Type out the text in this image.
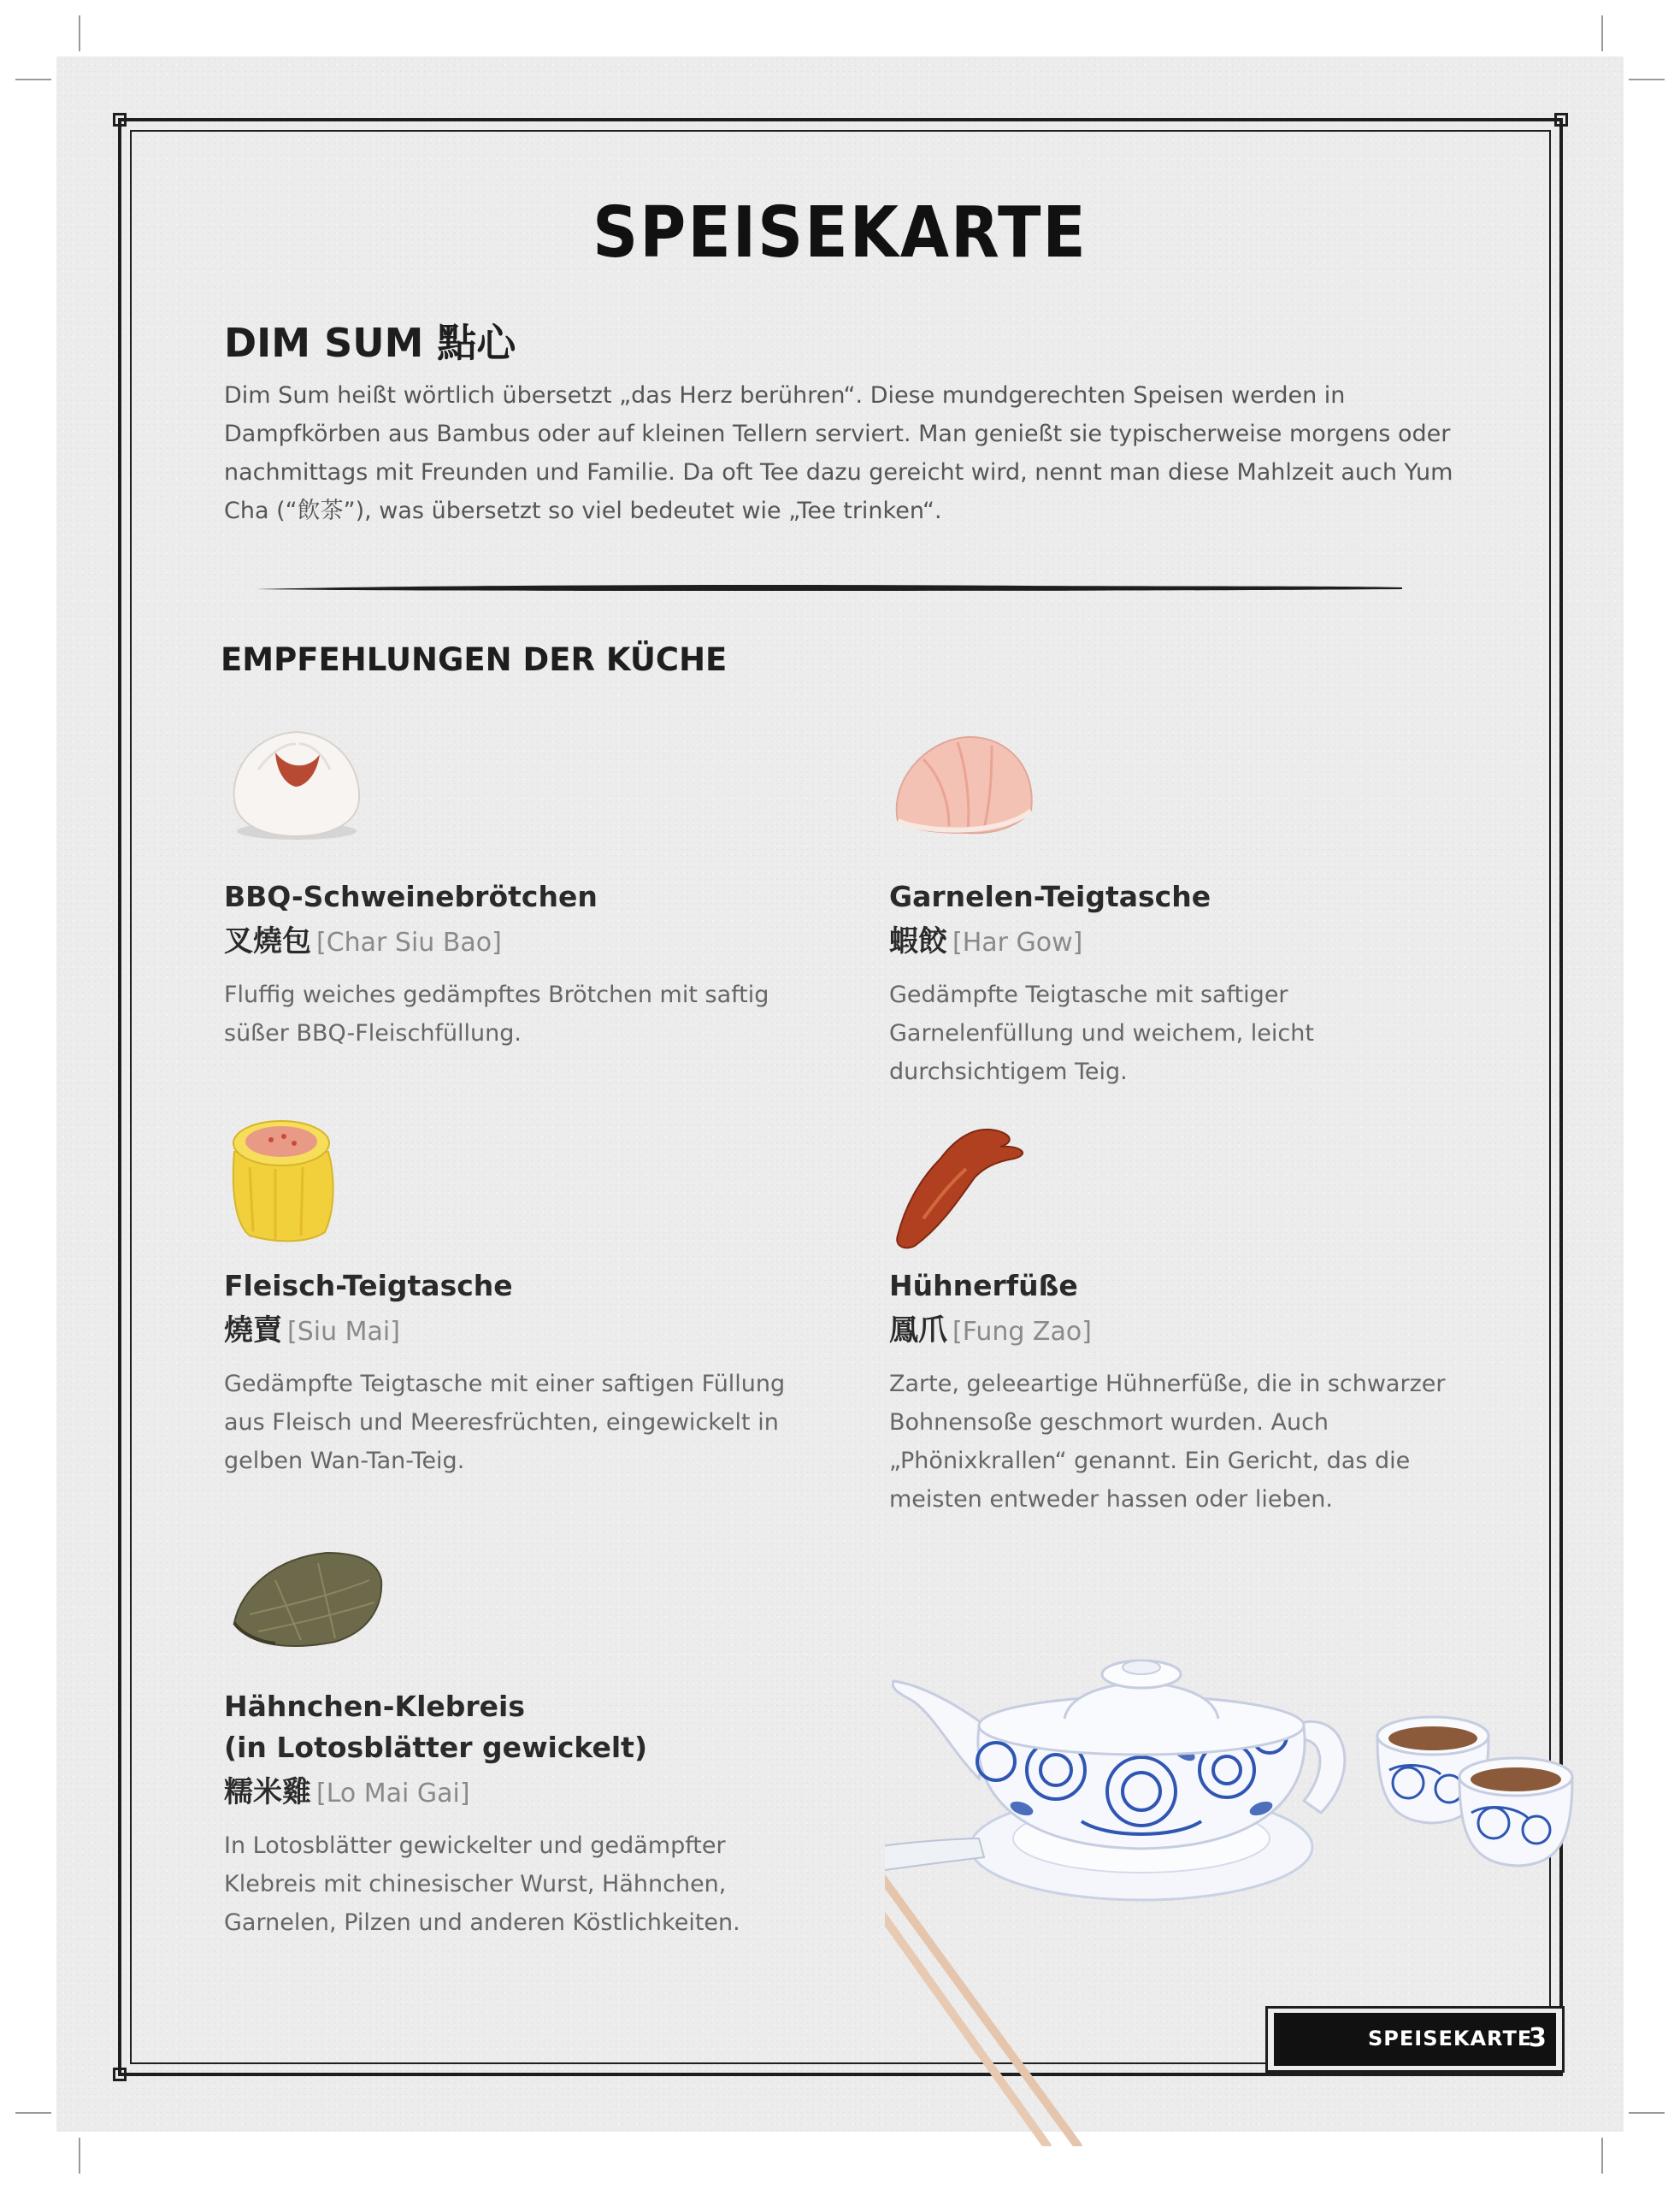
SPEISEKARTE
DIM SUM 點心
Dim Sum heißt wörtlich übersetzt „das Herz berühren“. Diese mundgerechten Speisen werden in Dampfkörben aus Bambus oder auf kleinen Tellern serviert. Man genießt sie typischerweise morgens oder nachmittags mit Freunden und Familie. Da oft Tee dazu gereicht wird, nennt man diese Mahlzeit auch Yum Cha (“飲茶”), was übersetzt so viel bedeutet wie „Tee trinken“.
EMPFEHLUNGEN DER KÜCHE
BBQ-Schweinebrötchen
叉燒包 [Char Siu Bao]
Fluffig weiches gedämpftes Brötchen mit saftig süßer BBQ-Fleischfüllung.
Garnelen-Teigtasche
蝦餃 [Har Gow]
Gedämpfte Teigtasche mit saftiger Garnelenfüllung und weichem, leicht durchsichtigem Teig.
Fleisch-Teigtasche
燒賣 [Siu Mai]
Gedämpfte Teigtasche mit einer saftigen Füllung aus Fleisch und Meeresfrüchten, eingewickelt in gelben Wan-Tan-Teig.
Hühnerfüße
鳳爪 [Fung Zao]
Zarte, geleeartige Hühnerfüße, die in schwarzer Bohnensoße geschmort wurden. Auch „Phönixkrallen“ genannt. Ein Gericht, das die meisten entweder hassen oder lieben.
Hähnchen-Klebreis
(in Lotosblätter gewickelt)
糯米雞 [Lo Mai Gai]
In Lotosblätter gewickelter und gedämpfter Klebreis mit chinesischer Wurst, Hähnchen, Garnelen, Pilzen und anderen Köstlichkeiten.
SPEISEKARTE
3
